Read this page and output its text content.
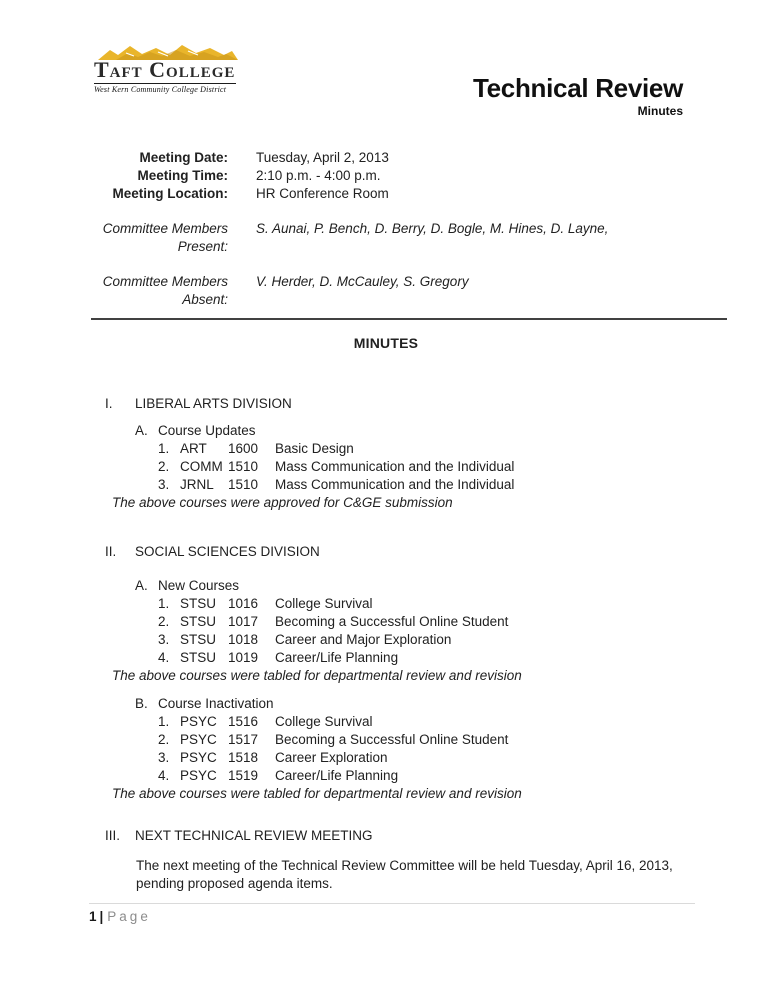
Taft College
West Kern Community College District	Technical Review
Minutes
Meeting Date: Tuesday, April 2, 2013
Meeting Time: 2:10 p.m. - 4:00 p.m.
Meeting Location: HR Conference Room
Committee Members
Present:
S. Aunai, P. Bench, D. Berry, D. Bogle, M. Hines, D. Layne,
Committee Members
Absent:
V. Herder, D. McCauley, S. Gregory
MINUTES
I.	LIBERAL ARTS DIVISION
A. Course Updates
1. ART	1600	Basic Design
2. COMM 1510	Mass Communication and the Individual
3. JRNL	1510	Mass Communication and the Individual
The above courses were approved for C&GE submission
II.	SOCIAL SCIENCES DIVISION
A. New Courses
1. STSU 1016	College Survival
2. STSU 1017	Becoming a Successful Online Student
3. STSU 1018	Career and Major Exploration
4. STSU 1019	Career/Life Planning
The above courses were tabled for departmental review and revision
B. Course Inactivation
1. PSYC 1516	College Survival
2. PSYC 1517	Becoming a Successful Online Student
3. PSYC 1518	Career Exploration
4. PSYC 1519	Career/Life Planning
The above courses were tabled for departmental review and revision
III.	NEXT TECHNICAL REVIEW MEETING
The next meeting of the Technical Review Committee will be held Tuesday, April 16, 2013, pending proposed agenda items.
1 | Page
